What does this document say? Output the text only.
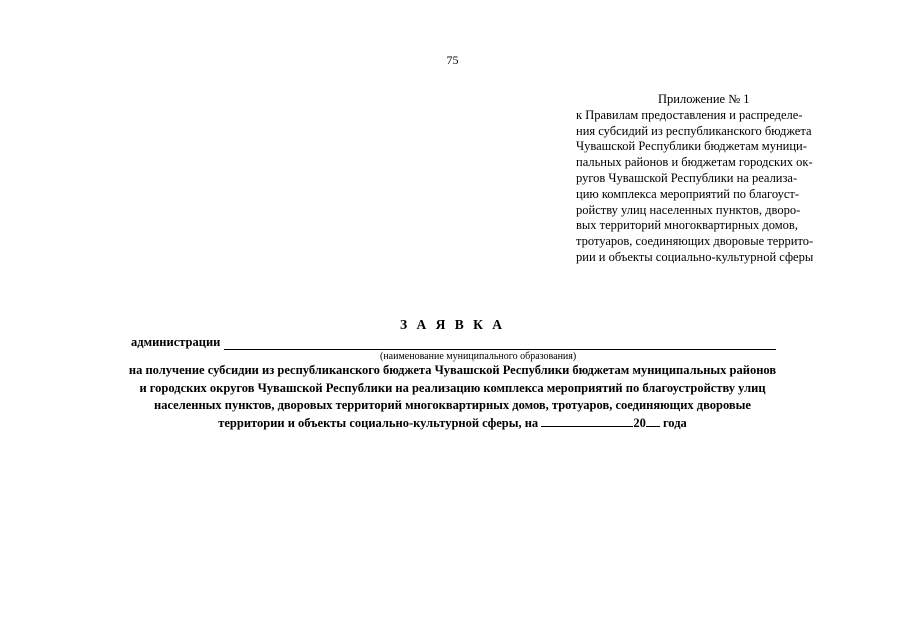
75
Приложение № 1
к Правилам предоставления и распределе-
ния субсидий из республиканского бюджета
Чувашской Республики бюджетам муници-
пальных районов и бюджетам городских ок-
ругов Чувашской Республики на реализа-
цию комплекса мероприятий по благоуст-
ройству улиц населенных пунктов, дворо-
вых территорий многоквартирных домов,
тротуаров, соединяющих дворовые террито-
рии и объекты социально-культурной сферы
З А Я В К А
администрации
(наименование муниципального образования)
на получение субсидии из республиканского бюджета Чувашской Республики бюджетам муниципальных районов
и городских округов Чувашской Республики на реализацию комплекса мероприятий по благоустройству улиц
населенных пунктов, дворовых территорий многоквартирных домов, тротуаров, соединяющих дворовые
территории и объекты социально-культурной сферы, на	20 года
